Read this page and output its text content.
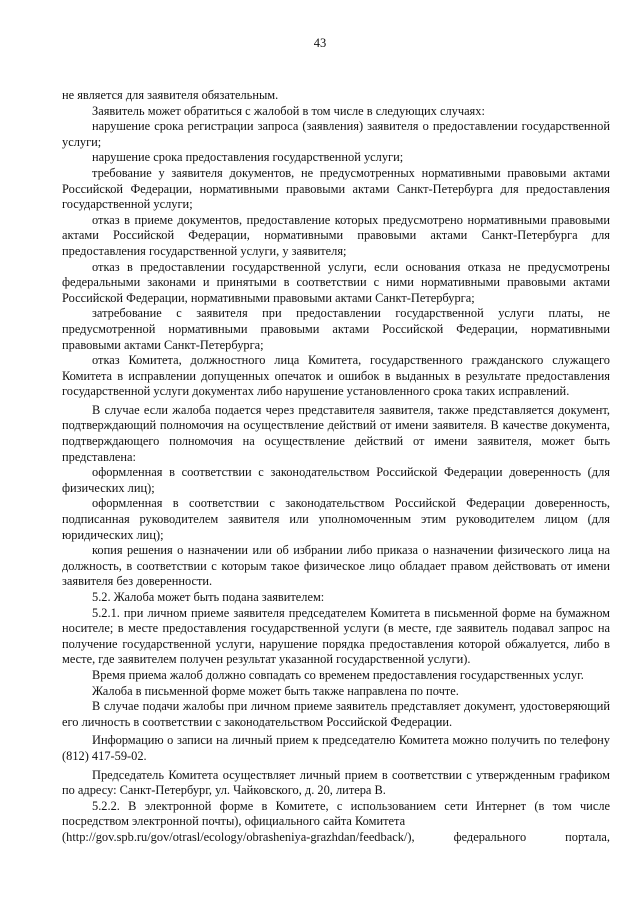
43

не является для заявителя обязательным.

Заявитель может обратиться с жалобой в том числе в следующих случаях:

нарушение срока регистрации запроса (заявления) заявителя о предоставлении государственной услуги;

нарушение срока предоставления государственной услуги;

требование у заявителя документов, не предусмотренных нормативными правовыми актами Российской Федерации, нормативными правовыми актами Санкт-Петербурга для предоставления государственной услуги;

отказ в приеме документов, предоставление которых предусмотрено нормативными правовыми актами Российской Федерации, нормативными правовыми актами Санкт-Петербурга для предоставления государственной услуги, у заявителя;

отказ в предоставлении государственной услуги, если основания отказа не предусмотрены федеральными законами и принятыми в соответствии с ними нормативными правовыми актами Российской Федерации, нормативными правовыми актами Санкт-Петербурга;

затребование с заявителя при предоставлении государственной услуги платы, не предусмотренной нормативными правовыми актами Российской Федерации, нормативными правовыми актами Санкт-Петербурга;

отказ Комитета, должностного лица Комитета, государственного гражданского служащего Комитета в исправлении допущенных опечаток и ошибок в выданных в результате предоставления государственной услуги документах либо нарушение установленного срока таких исправлений.

В случае если жалоба подается через представителя заявителя, также представляется документ, подтверждающий полномочия на осуществление действий от имени заявителя. В качестве документа, подтверждающего полномочия на осуществление действий от имени заявителя, может быть представлена:

оформленная в соответствии с законодательством Российской Федерации доверенность (для физических лиц);

оформленная в соответствии с законодательством Российской Федерации доверенность, подписанная руководителем заявителя или уполномоченным этим руководителем лицом (для юридических лиц);

копия решения о назначении или об избрании либо приказа о назначении физического лица на должность, в соответствии с которым такое физическое лицо обладает правом действовать от имени заявителя без доверенности.

5.2. Жалоба может быть подана заявителем:

5.2.1. при личном приеме заявителя председателем Комитета в письменной форме на бумажном носителе; в месте предоставления государственной услуги (в месте, где заявитель подавал запрос на получение государственной услуги, нарушение порядка предоставления которой обжалуется, либо в месте, где заявителем получен результат указанной государственной услуги).

Время приема жалоб должно совпадать со временем предоставления государственных услуг.

Жалоба в письменной форме может быть также направлена по почте.

В случае подачи жалобы при личном приеме заявитель представляет документ, удостоверяющий его личность в соответствии с законодательством Российской Федерации.

Информацию о записи на личный прием к председателю Комитета можно получить по телефону (812) 417-59-02.

Председатель Комитета осуществляет личный прием в соответствии с утвержденным графиком по адресу: Санкт-Петербург, ул. Чайковского, д. 20, литера В.

5.2.2. В электронной форме в Комитете, с использованием сети Интернет (в том числе посредством электронной почты), официального сайта Комитета

(http://gov.spb.ru/gov/otrasl/ecology/obrasheniya-grazhdan/feedback/), федерального портала,
